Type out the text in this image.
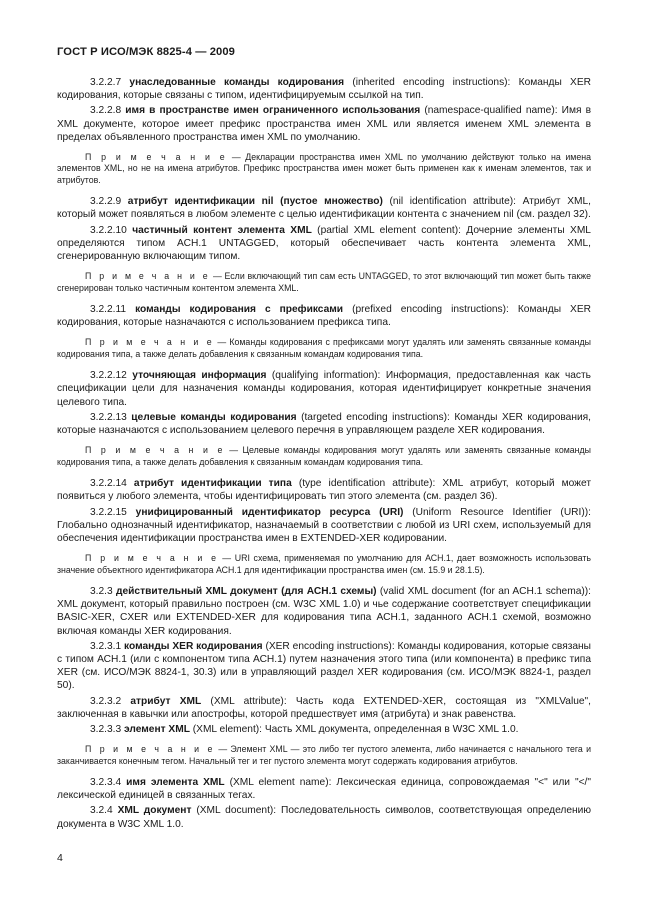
ГОСТ Р ИСО/МЭК 8825-4 — 2009

3.2.2.7 унаследованные команды кодирования (inherited encoding instructions): Команды XER кодирования, которые связаны с типом, идентифицируемым ссылкой на тип.

3.2.2.8 имя в пространстве имен ограниченного использования (namespace-qualified name): Имя в XML документе, которое имеет префикс пространства имен XML или является именем XML элемента в пределах объявленного пространства имен XML по умолчанию.

П р и м е ч а н и е — Декларации пространства имен XML по умолчанию действуют только на имена элементов XML, но не на имена атрибутов. Префикс пространства имен может быть применен как к именам элементов, так и атрибутов.

3.2.2.9 атрибут идентификации nil (пустое множество) (nil identification attribute): Атрибут XML, который может появляться в любом элементе с целью идентификации контента с значением nil (см. раздел 32).

3.2.2.10 частичный контент элемента XML (partial XML element content): Дочерние элементы XML определяются типом АСН.1 UNTAGGED, который обеспечивает часть контента элемента XML, сгенерированную включающим типом.

П р и м е ч а н и е — Если включающий тип сам есть UNTAGGED, то этот включающий тип может быть также сгенерирован только частичным контентом элемента XML.

3.2.2.11 команды кодирования с префиксами (prefixed encoding instructions): Команды XER кодирования, которые назначаются с использованием префикса типа.

П р и м е ч а н и е — Команды кодирования с префиксами могут удалять или заменять связанные команды кодирования типа, а также делать добавления к связанным командам кодирования типа.

3.2.2.12 уточняющая информация (qualifying information): Информация, предоставленная как часть спецификации цели для назначения команды кодирования, которая идентифицирует конкретные значения целевого типа.

3.2.2.13 целевые команды кодирования (targeted encoding instructions): Команды XER кодирования, которые назначаются с использованием целевого перечня в управляющем разделе XER кодирования.

П р и м е ч а н и е — Целевые команды кодирования могут удалять или заменять связанные команды кодирования типа, а также делать добавления к связанным командам кодирования типа.

3.2.2.14 атрибут идентификации типа (type identification attribute): XML атрибут, который может появиться у любого элемента, чтобы идентифицировать тип этого элемента (см. раздел 36).

3.2.2.15 унифицированный идентификатор ресурса (URI) (Uniform Resource Identifier (URI)): Глобально однозначный идентификатор, назначаемый в соответствии с любой из URI схем, используемый для обеспечения идентификации пространства имен в EXTENDED-XER кодировании.

П р и м е ч а н и е — URI схема, применяемая по умолчанию для АСН.1, дает возможность использовать значение объектного идентификатора АСН.1 для идентификации пространства имен (см. 15.9 и 28.1.5).

3.2.3 действительный XML документ (для АСН.1 схемы) (valid XML document (for an ACH.1 schema)): XML документ, который правильно построен (см. W3C XML 1.0) и чье содержание соответствует спецификации BASIC-XER, CXER или EXTENDED-XER для кодирования типа АСН.1, заданного АСН.1 схемой, возможно включая команды XER кодирования.

3.2.3.1 команды XER кодирования (XER encoding instructions): Команды кодирования, которые связаны с типом АСН.1 (или с компонентом типа АСН.1) путем назначения этого типа (или компонента) в префикс типа XER (см. ИСО/МЭК 8824-1, 30.3) или в управляющий раздел XER кодирования (см. ИСО/МЭК 8824-1, раздел 50).

3.2.3.2 атрибут XML (XML attribute): Часть кода EXTENDED-XER, состоящая из "XMLValue", заключенная в кавычки или апострофы, которой предшествует имя (атрибута) и знак равенства.

3.2.3.3 элемент XML (XML element): Часть XML документа, определенная в W3C XML 1.0.

П р и м е ч а н и е — Элемент XML — это либо тег пустого элемента, либо начинается с начального тега и заканчивается конечным тегом. Начальный тег и тег пустого элемента могут содержать кодирования атрибутов.

3.2.3.4 имя элемента XML (XML element name): Лексическая единица, сопровождаемая "<" или "</" лексической единицей в связанных тегах.

3.2.4 XML документ (XML document): Последовательность символов, соответствующая определению документа в W3C XML 1.0.

4
